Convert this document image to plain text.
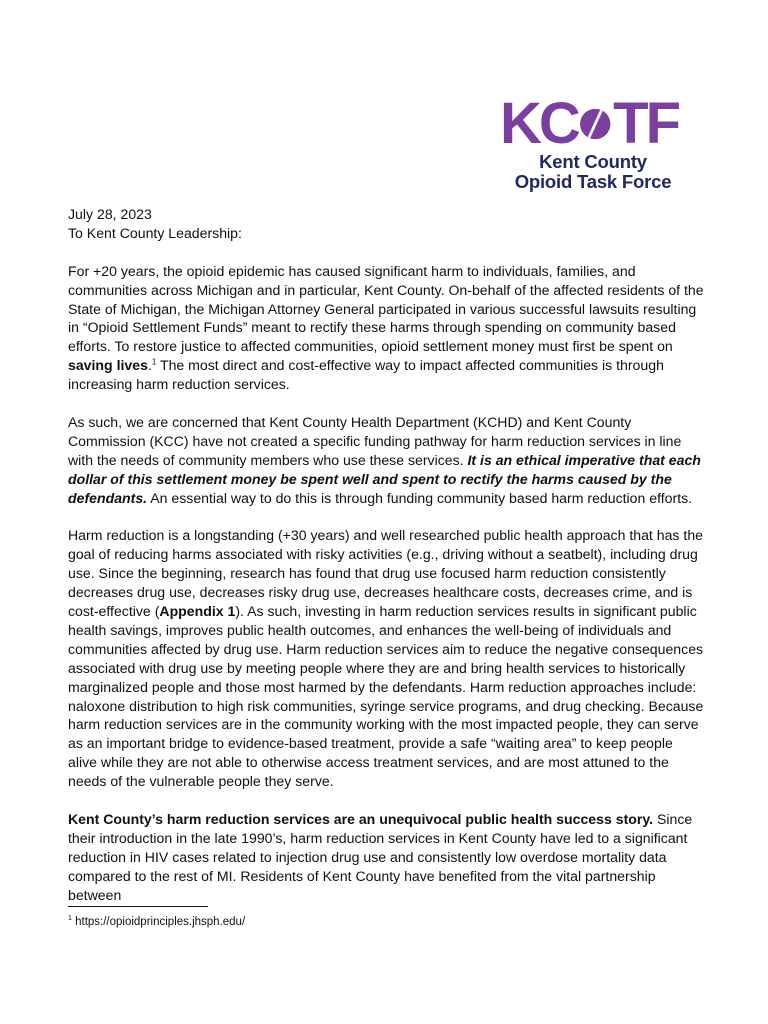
KC TF
Kent County
Opioid Task Force
July 28, 2023

To Kent County Leadership:

For +20 years, the opioid epidemic has caused significant harm to individuals, families, and communities across Michigan and in particular, Kent County. On-behalf of the affected residents of the State of Michigan, the Michigan Attorney General participated in various successful lawsuits resulting in “Opioid Settlement Funds” meant to rectify these harms through spending on community based efforts. To restore justice to affected communities, opioid settlement money must first be spent on saving lives.$^1$ The most direct and cost-effective way to impact affected communities is through increasing harm reduction services.

As such, we are concerned that Kent County Health Department (KCHD) and Kent County Commission (KCC) have not created a specific funding pathway for harm reduction services in line with the needs of community members who use these services. It is an ethical imperative that each dollar of this settlement money be spent well and spent to rectify the harms caused by the defendants. An essential way to do this is through funding community based harm reduction efforts.

Harm reduction is a longstanding (+30 years) and well researched public health approach that has the goal of reducing harms associated with risky activities (e.g., driving without a seatbelt), including drug use. Since the beginning, research has found that drug use focused harm reduction consistently decreases drug use, decreases risky drug use, decreases healthcare costs, decreases crime, and is cost-effective (Appendix 1). As such, investing in harm reduction services results in significant public health savings, improves public health outcomes, and enhances the well-being of individuals and communities affected by drug use. Harm reduction services aim to reduce the negative consequences associated with drug use by meeting people where they are and bring health services to historically marginalized people and those most harmed by the defendants. Harm reduction approaches include: naloxone distribution to high risk communities, syringe service programs, and drug checking. Because harm reduction services are in the community working with the most impacted people, they can serve as an important bridge to evidence-based treatment, provide a safe “waiting area” to keep people alive while they are not able to otherwise access treatment services, and are most attuned to the needs of the vulnerable people they serve.

Kent County’s harm reduction services are an unequivocal public health success story. Since their introduction in the late 1990’s, harm reduction services in Kent County have led to a significant reduction in HIV cases related to injection drug use and consistently low overdose mortality data compared to the rest of MI. Residents of Kent County have benefited from the vital partnership between

$^1$ https://opioidprinciples.jhsph.edu/
